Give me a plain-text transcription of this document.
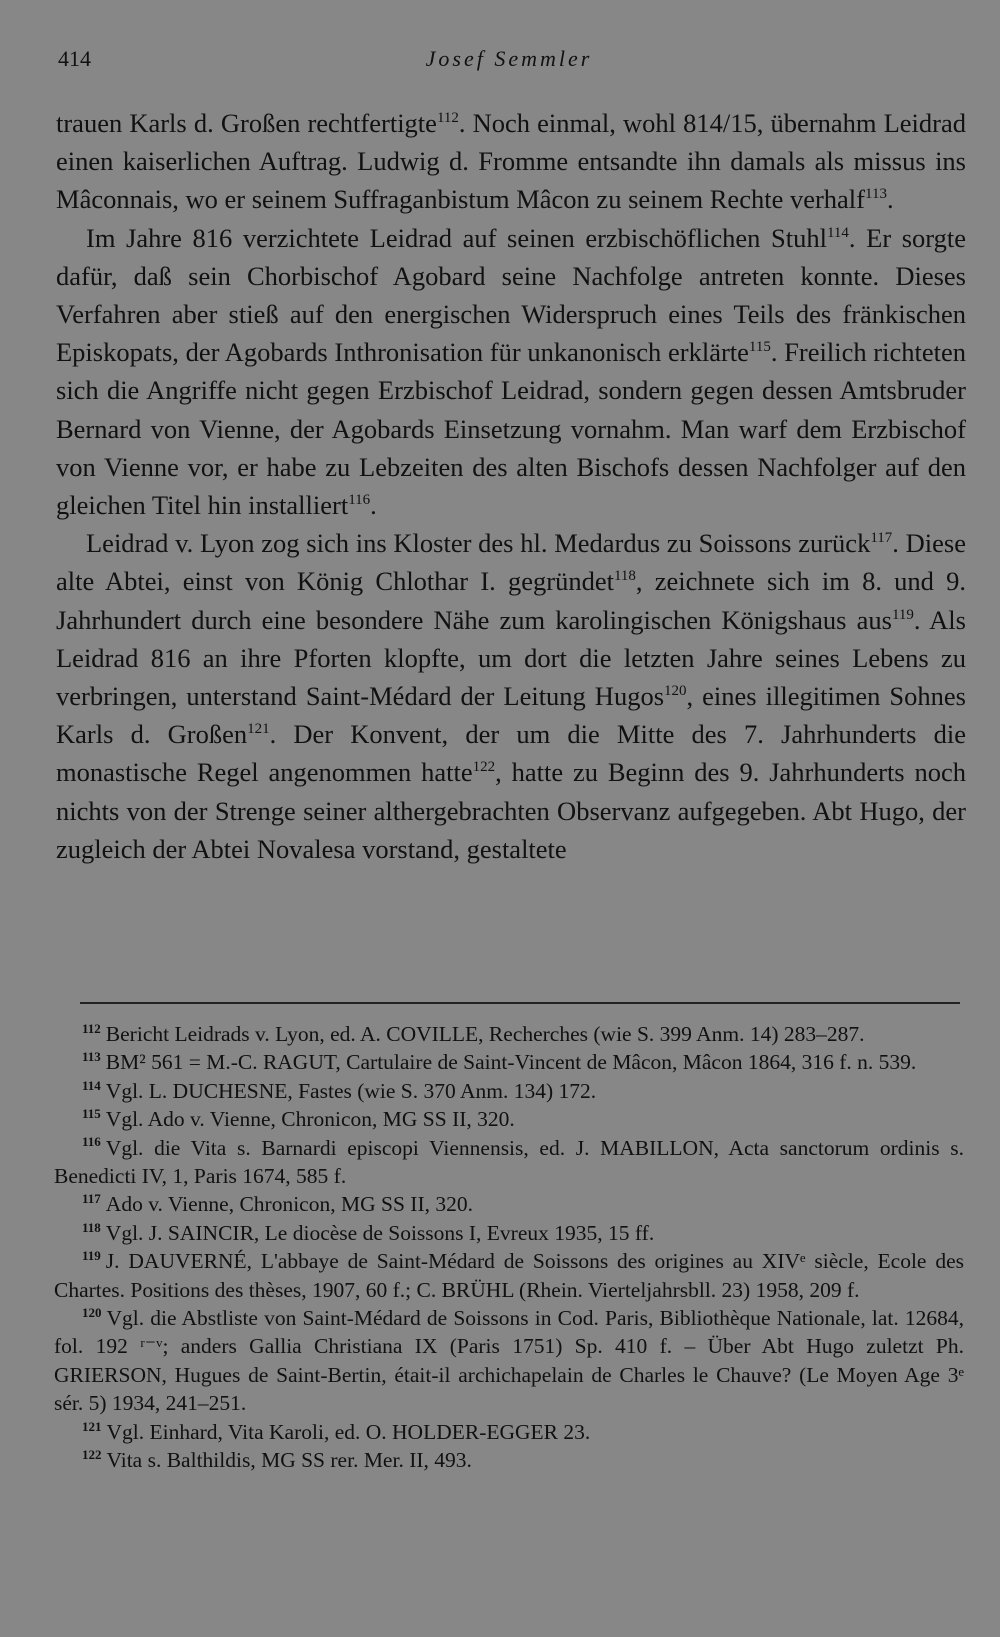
414	Josef Semmler

trauen Karls d. Großen rechtfertigte$^{112}$. Noch einmal, wohl 814/15, übernahm Leidrad einen kaiserlichen Auftrag. Ludwig d. Fromme entsandte ihn damals als missus ins Mâconnais, wo er seinem Suffraganbistum Mâcon zu seinem Rechte verhalf$^{113}$.

Im Jahre 816 verzichtete Leidrad auf seinen erzbischöflichen Stuhl$^{114}$. Er sorgte dafür, daß sein Chorbischof Agobard seine Nachfolge antreten konnte. Dieses Verfahren aber stieß auf den energischen Widerspruch eines Teils des fränkischen Episkopats, der Agobards Inthronisation für unkanonisch erklärte$^{115}$. Freilich richteten sich die Angriffe nicht gegen Erzbischof Leidrad, sondern gegen dessen Amtsbruder Bernard von Vienne, der Agobards Einsetzung vornahm. Man warf dem Erzbischof von Vienne vor, er habe zu Lebzeiten des alten Bischofs dessen Nachfolger auf den gleichen Titel hin installiert$^{116}$.

Leidrad v. Lyon zog sich ins Kloster des hl. Medardus zu Soissons zurück$^{117}$. Diese alte Abtei, einst von König Chlothar I. gegründet$^{118}$, zeichnete sich im 8. und 9. Jahrhundert durch eine besondere Nähe zum karolingischen Königshaus aus$^{119}$. Als Leidrad 816 an ihre Pforten klopfte, um dort die letzten Jahre seines Lebens zu verbringen, unterstand Saint-Médard der Leitung Hugos$^{120}$, eines illegitimen Sohnes Karls d. Großen$^{121}$. Der Konvent, der um die Mitte des 7. Jahrhunderts die monastische Regel angenommen hatte$^{122}$, hatte zu Beginn des 9. Jahrhunderts noch nichts von der Strenge seiner althergebrachten Observanz aufgegeben. Abt Hugo, der zugleich der Abtei Novalesa vorstand, gestaltete

$^{112}$ Bericht Leidrads v. Lyon, ed. A. COVILLE, Recherches (wie S. 399 Anm. 14) 283–287.

$^{113}$ BM² 561 = M.-C. RAGUT, Cartulaire de Saint-Vincent de Mâcon, Mâcon 1864, 316 f. n. 539.

$^{114}$ Vgl. L. DUCHESNE, Fastes (wie S. 370 Anm. 134) 172.

$^{115}$ Vgl. Ado v. Vienne, Chronicon, MG SS II, 320.

$^{116}$ Vgl. die Vita s. Barnardi episcopi Viennensis, ed. J. MABILLON, Acta sanctorum ordinis s. Benedicti IV, 1, Paris 1674, 585 f.

$^{117}$ Ado v. Vienne, Chronicon, MG SS II, 320.

$^{118}$ Vgl. J. SAINCIR, Le diocèse de Soissons I, Evreux 1935, 15 ff.

$^{119}$ J. DAUVERNÉ, L'abbaye de Saint-Médard de Soissons des origines au XIVᵉ siècle, Ecole des Chartes. Positions des thèses, 1907, 60 f.; C. BRÜHL (Rhein. Vierteljahrsbll. 23) 1958, 209 f.

$^{120}$ Vgl. die Abstliste von Saint-Médard de Soissons in Cod. Paris, Bibliothèque Nationale, lat. 12684, fol. 192 ʳ⁻ᵛ; anders Gallia Christiana IX (Paris 1751) Sp. 410 f. – Über Abt Hugo zuletzt Ph. GRIERSON, Hugues de Saint-Bertin, était-il archichapelain de Charles le Chauve? (Le Moyen Age 3ᵉ sér. 5) 1934, 241–251.

$^{121}$ Vgl. Einhard, Vita Karoli, ed. O. HOLDER-EGGER 23.

$^{122}$ Vita s. Balthildis, MG SS rer. Mer. II, 493.
